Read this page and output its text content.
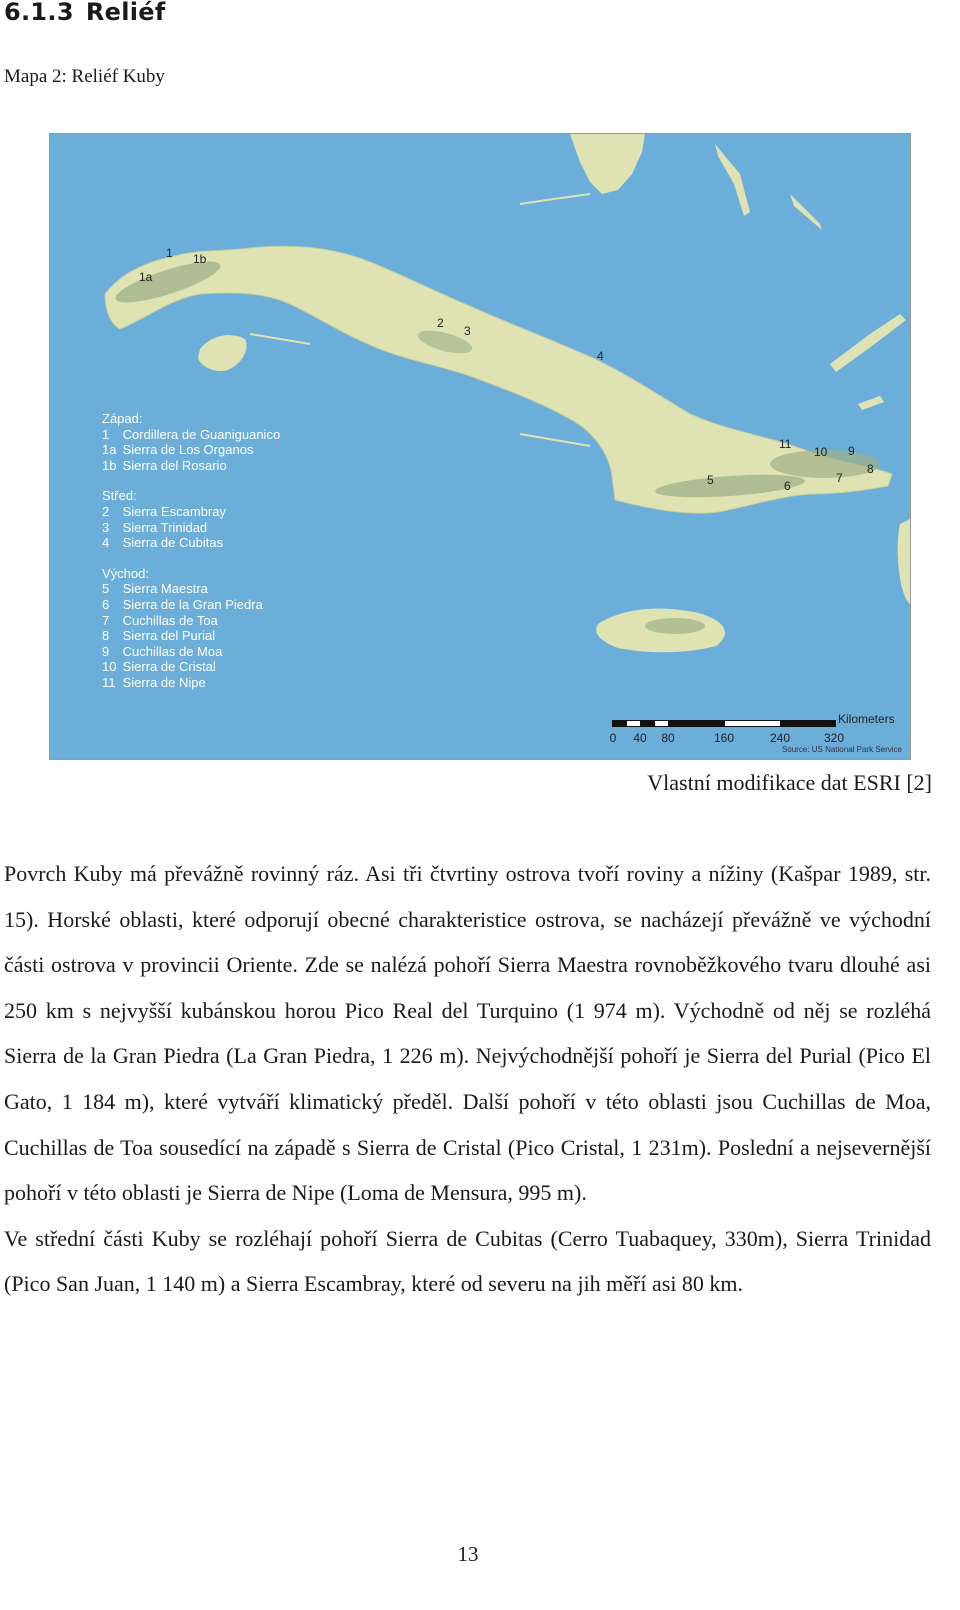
6.1.3 Reliéf

Mapa 2: Reliéf Kuby

Západ:
1 Cordillera de Guaniguanico
1a Sierra de Los Organos
1b Sierra del Rosario
Střed:
2 Sierra Escambray
3 Sierra Trinidad
4 Sierra de Cubitas
Východ:
5 Sierra Maestra
6 Sierra de la Gran Piedra
7 Cuchillas de Toa
8 Sierra del Purial
9 Cuchillas de Moa
10 Sierra de Cristal
11 Sierra de Nipe
1
1a
1b
2
3
4
5	6
7
8
9
10
11
0 40 80	160	240	320
Kilometers
Source: US National Park Service

Vlastní modifikace dat ESRI [2]

Povrch Kuby má převážně rovinný ráz. Asi tři čtvrtiny ostrova tvoří roviny a nížiny (Kašpar 1989, str. 15). Horské oblasti, které odporují obecné charakteristice ostrova, se nacházejí převážně ve východní části ostrova v provincii Oriente. Zde se nalézá pohoří Sierra Maestra rovnoběžkového tvaru dlouhé asi 250 km s nejvyšší kubánskou horou Pico Real del Turquino (1 974 m). Východně od něj se rozléhá Sierra de la Gran Piedra (La Gran Piedra, 1 226 m). Nejvýchodnější pohoří je Sierra del Purial (Pico El Gato, 1 184 m), které vytváří klimatický předěl. Další pohoří v této oblasti jsou Cuchillas de Moa, Cuchillas de Toa sousedící na západě s Sierra de Cristal (Pico Cristal, 1 231m). Poslední a nejsevernější pohoří v této oblasti je Sierra de Nipe (Loma de Mensura, 995 m).

Ve střední části Kuby se rozléhají pohoří Sierra de Cubitas (Cerro Tuabaquey, 330m), Sierra Trinidad (Pico San Juan, 1 140 m) a Sierra Escambray, které od severu na jih měří asi 80 km.

13
